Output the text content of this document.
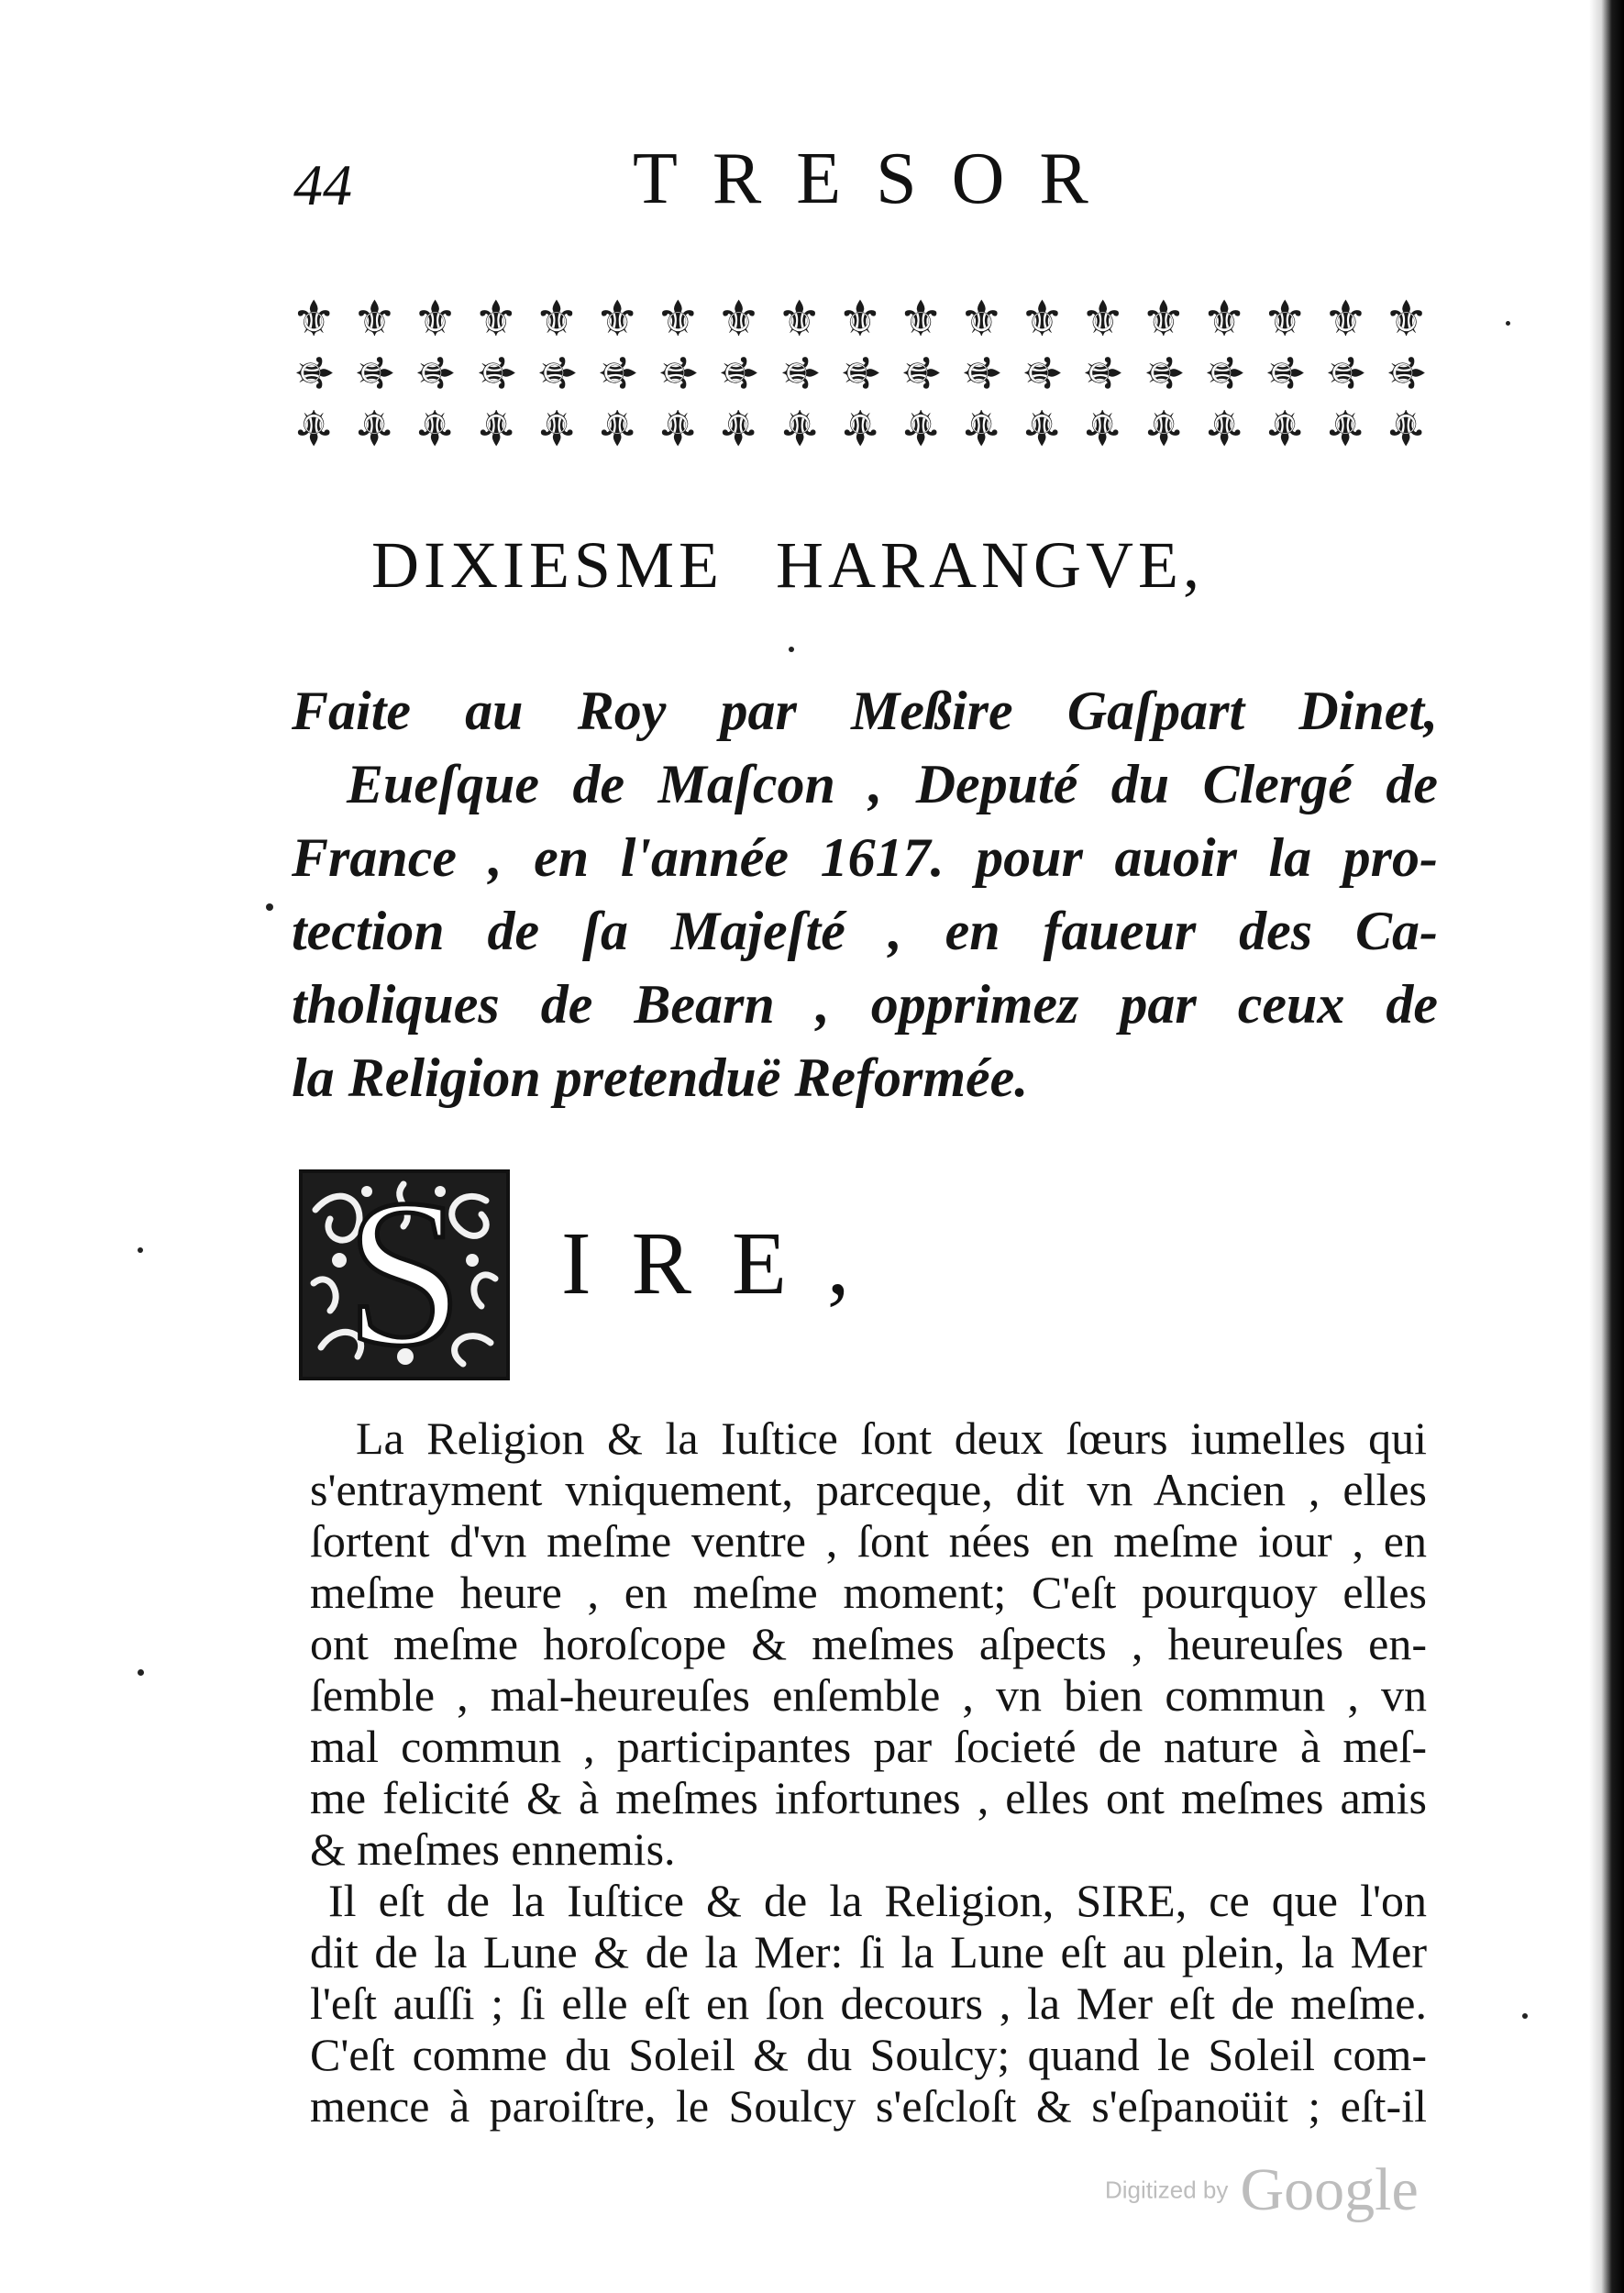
44	TRESOR
⚜ ⚜ ⚜ ⚜ ⚜ ⚜ ⚜ ⚜ ⚜ ⚜ ⚜ ⚜ ⚜ ⚜ ⚜ ⚜ ⚜ ⚜ ⚜
⚜ ⚜ ⚜ ⚜ ⚜ ⚜ ⚜ ⚜ ⚜ ⚜ ⚜ ⚜ ⚜ ⚜ ⚜ ⚜ ⚜ ⚜ ⚜
⚜ ⚜ ⚜ ⚜ ⚜ ⚜ ⚜ ⚜ ⚜ ⚜ ⚜ ⚜ ⚜ ⚜ ⚜ ⚜ ⚜ ⚜ ⚜
DIXIESME HARANGVE,
Faite au Roy par Meßire Gaſpart Dinet,
Eueſque de Maſcon , Deputé du Clergé de
France , en l'année 1617. pour auoir la pro-
tection de ſa Majeſté , en faueur des Ca-
tholiques de Bearn , opprimez par ceux de
la Religion pretenduë Reformée.
S	IRE,
La Religion & la Iuſtice ſont deux ſœurs iumelles qui
s'entrayment vniquement, parceque, dit vn Ancien , elles
ſortent d'vn meſme ventre , ſont nées en meſme iour , en
meſme heure , en meſme moment; C'eſt pourquoy elles
ont meſme horoſcope & meſmes aſpects , heureuſes en-
ſemble , mal-heureuſes enſemble , vn bien commun , vn
mal commun , participantes par ſocieté de nature à meſ-
me felicité & à meſmes infortunes , elles ont meſmes amis
& meſmes ennemis.
Il eſt de la Iuſtice & de la Religion, SIRE, ce que l'on
dit de la Lune & de la Mer: ſi la Lune eſt au plein, la Mer
l'eſt auſſi ; ſi elle eſt en ſon decours , la Mer eſt de meſme.
C'eſt comme du Soleil & du Soulcy; quand le Soleil com-
mence à paroiſtre, le Soulcy s'eſcloſt & s'eſpanoüit ; eſt-il
Digitized by Google
